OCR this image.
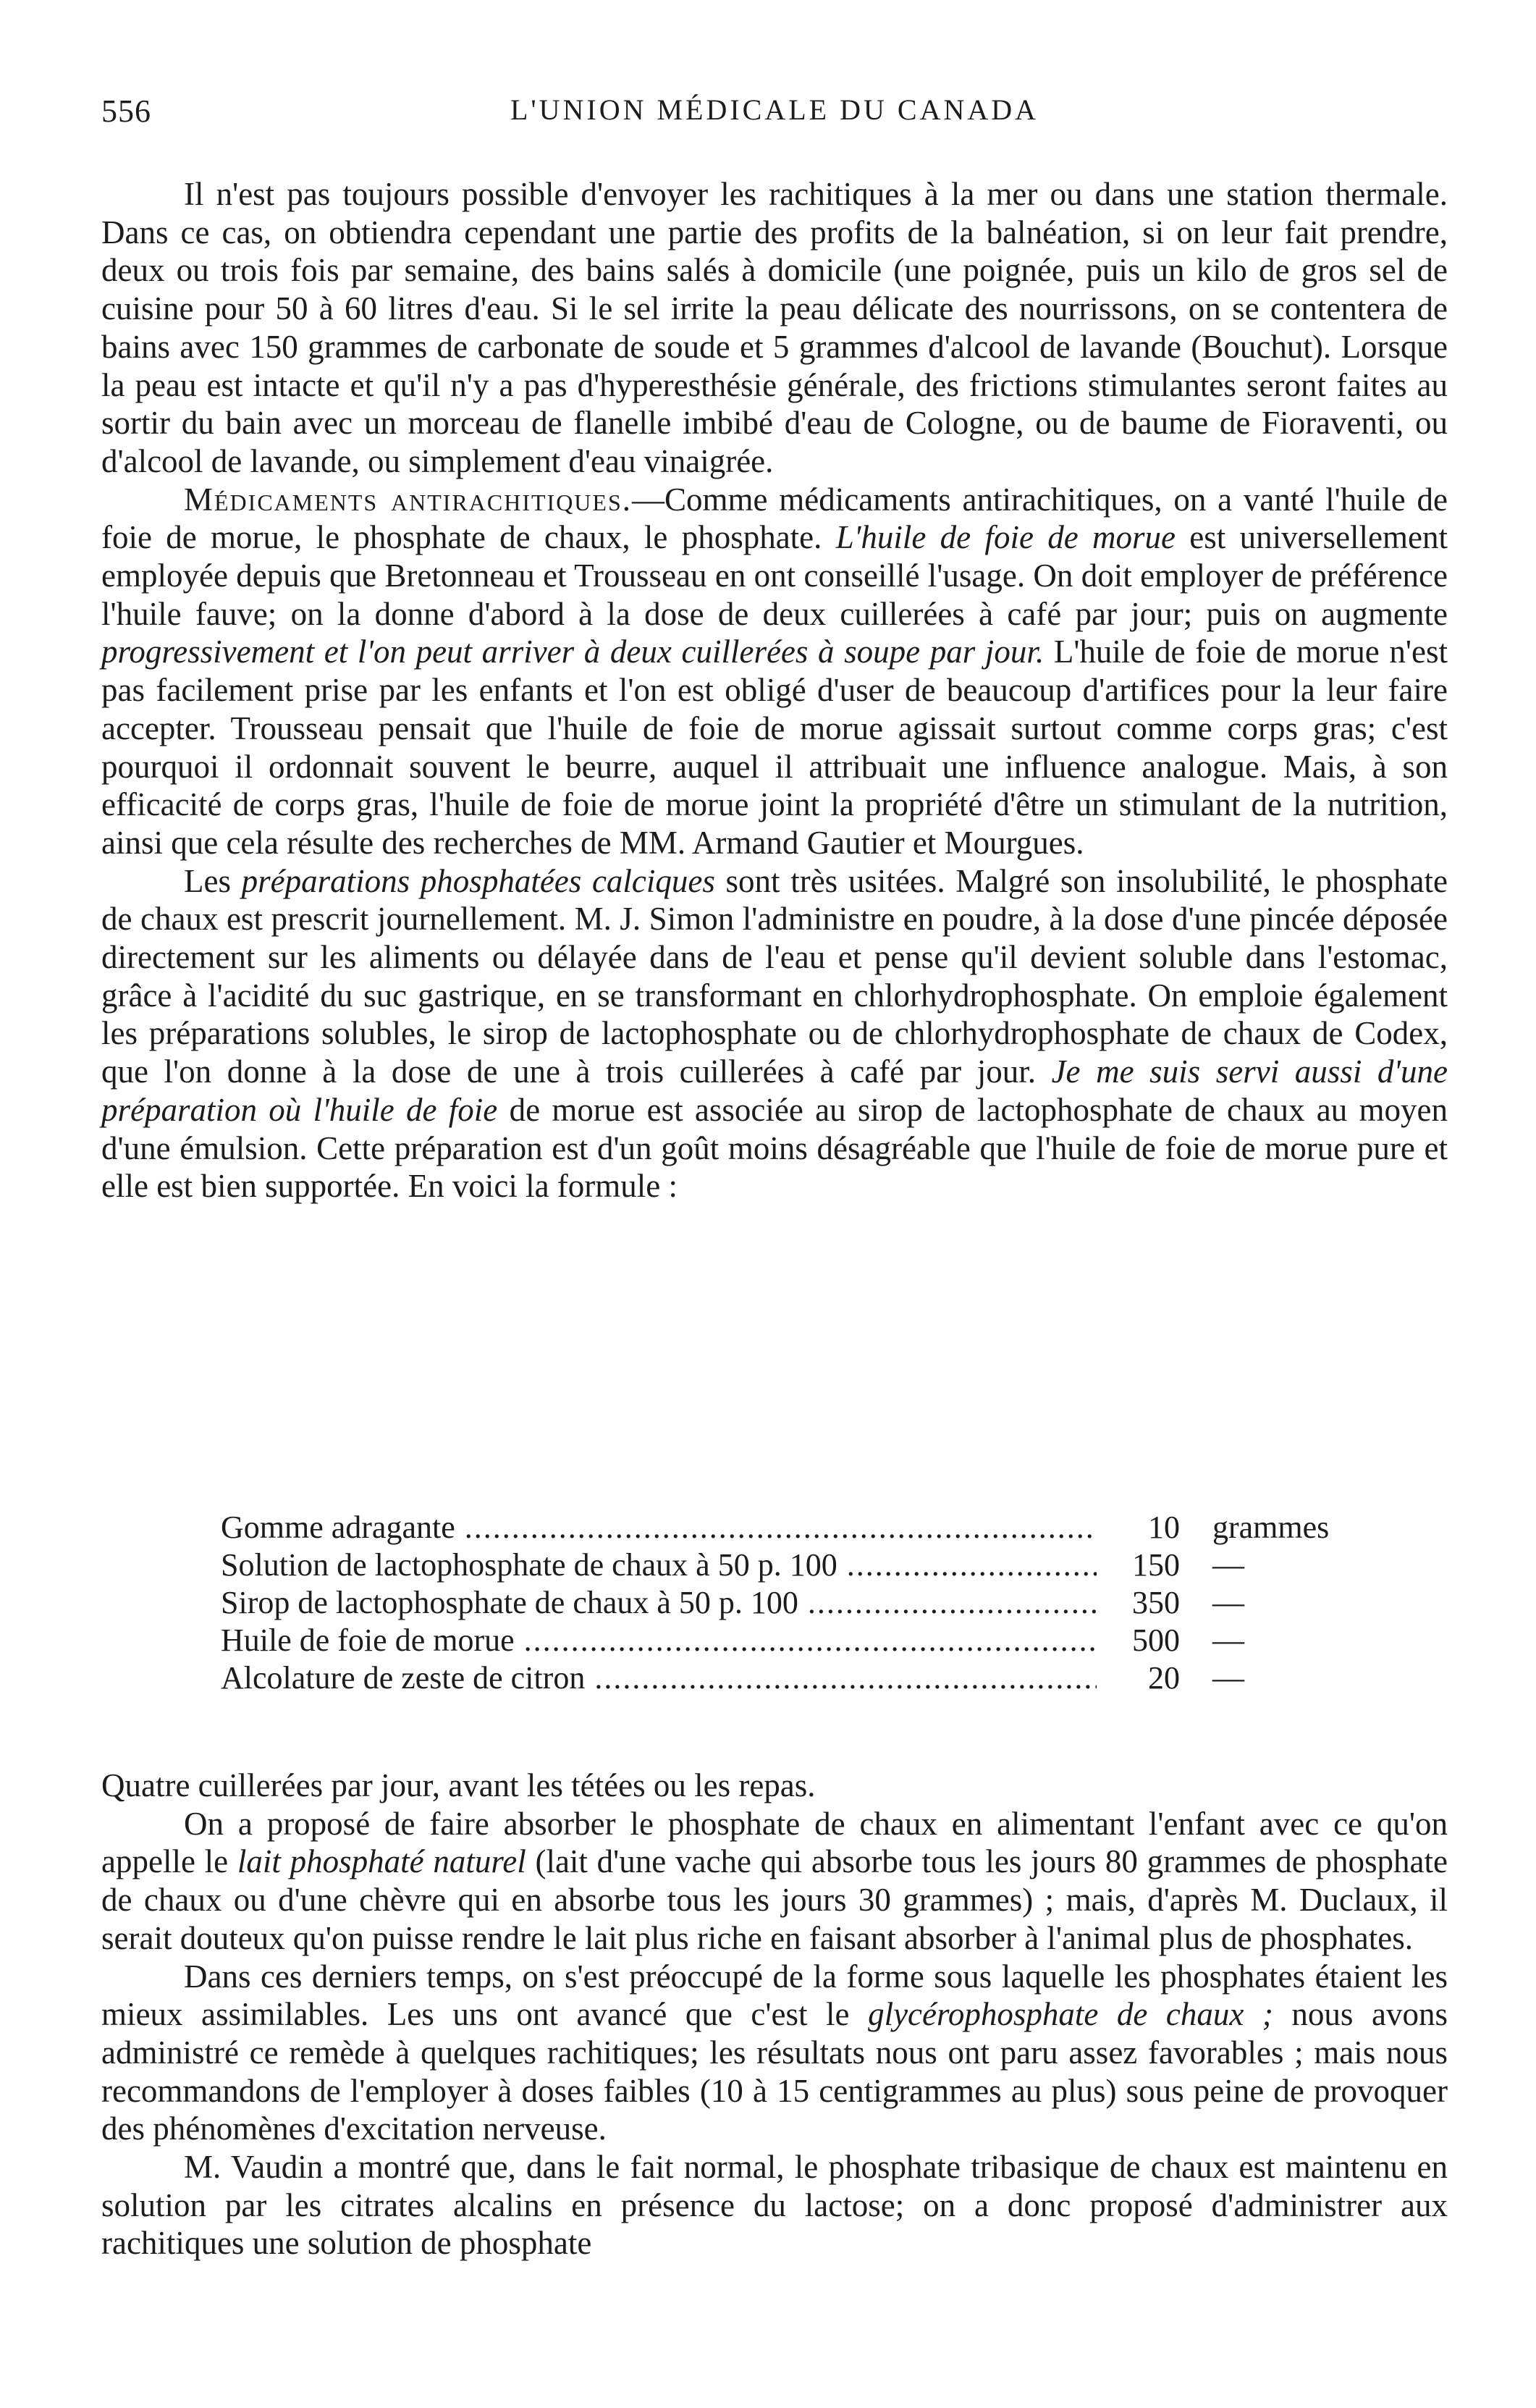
556	L'UNION MÉDICALE DU CANADA

Il n'est pas toujours possible d'envoyer les rachitiques à la mer ou dans une station thermale. Dans ce cas, on obtiendra cependant une partie des profits de la balnéation, si on leur fait prendre, deux ou trois fois par semaine, des bains salés à domicile (une poignée, puis un kilo de gros sel de cuisine pour 50 à 60 litres d'eau. Si le sel irrite la peau délicate des nourrissons, on se contentera de bains avec 150 grammes de carbonate de soude et 5 grammes d'alcool de lavande (Bouchut). Lorsque la peau est intacte et qu'il n'y a pas d'hyperesthésie générale, des frictions stimulantes seront faites au sortir du bain avec un morceau de flanelle imbibé d'eau de Cologne, ou de baume de Fioraventi, ou d'alcool de lavande, ou simplement d'eau vinaigrée.

Médicaments antirachitiques.—Comme médicaments antirachitiques, on a vanté l'huile de foie de morue, le phosphate de chaux, le phosphate. L'huile de foie de morue est universellement employée depuis que Bretonneau et Trousseau en ont conseillé l'usage. On doit employer de préférence l'huile fauve; on la donne d'abord à la dose de deux cuillerées à café par jour; puis on augmente progressivement et l'on peut arriver à deux cuillerées à soupe par jour. L'huile de foie de morue n'est pas facilement prise par les enfants et l'on est obligé d'user de beaucoup d'artifices pour la leur faire accepter. Trousseau pensait que l'huile de foie de morue agissait surtout comme corps gras; c'est pourquoi il ordonnait souvent le beurre, auquel il attribuait une influence analogue. Mais, à son efficacité de corps gras, l'huile de foie de morue joint la propriété d'être un stimulant de la nutrition, ainsi que cela résulte des recherches de MM. Armand Gautier et Mourgues.

Les préparations phosphatées calciques sont très usitées. Malgré son insolubilité, le phosphate de chaux est prescrit journellement. M. J. Simon l'administre en poudre, à la dose d'une pincée déposée directement sur les aliments ou délayée dans de l'eau et pense qu'il devient soluble dans l'estomac, grâce à l'acidité du suc gastrique, en se transformant en chlorhydrophosphate. On emploie également les préparations solubles, le sirop de lactophosphate ou de chlorhydrophosphate de chaux de Codex, que l'on donne à la dose de une à trois cuillerées à café par jour. Je me suis servi aussi d'une préparation où l'huile de foie de morue est associée au sirop de lactophosphate de chaux au moyen d'une émulsion. Cette préparation est d'un goût moins désagréable que l'huile de foie de morue pure et elle est bien supportée. En voici la formule :

Gomme adragante .....	10 grammes
Solution de lactophosphate de chaux à 50 p. 100 .....	150 —
Sirop de lactophosphate de chaux à 50 p. 100 .....	350 —
Huile de foie de morue .....	500 —
Alcolature de zeste de citron .....	20 —

Quatre cuillerées par jour, avant les tétées ou les repas.

On a proposé de faire absorber le phosphate de chaux en alimentant l'enfant avec ce qu'on appelle le lait phosphaté naturel (lait d'une vache qui absorbe tous les jours 80 grammes de phosphate de chaux ou d'une chèvre qui en absorbe tous les jours 30 grammes) ; mais, d'après M. Duclaux, il serait douteux qu'on puisse rendre le lait plus riche en faisant absorber à l'animal plus de phosphates.

Dans ces derniers temps, on s'est préoccupé de la forme sous laquelle les phosphates étaient les mieux assimilables. Les uns ont avancé que c'est le glycérophosphate de chaux ; nous avons administré ce remède à quelques rachitiques; les résultats nous ont paru assez favorables ; mais nous recommandons de l'employer à doses faibles (10 à 15 centigrammes au plus) sous peine de provoquer des phénomènes d'excitation nerveuse.

M. Vaudin a montré que, dans le fait normal, le phosphate tribasique de chaux est maintenu en solution par les citrates alcalins en présence du lactose; on a donc proposé d'administrer aux rachitiques une solution de phosphate
